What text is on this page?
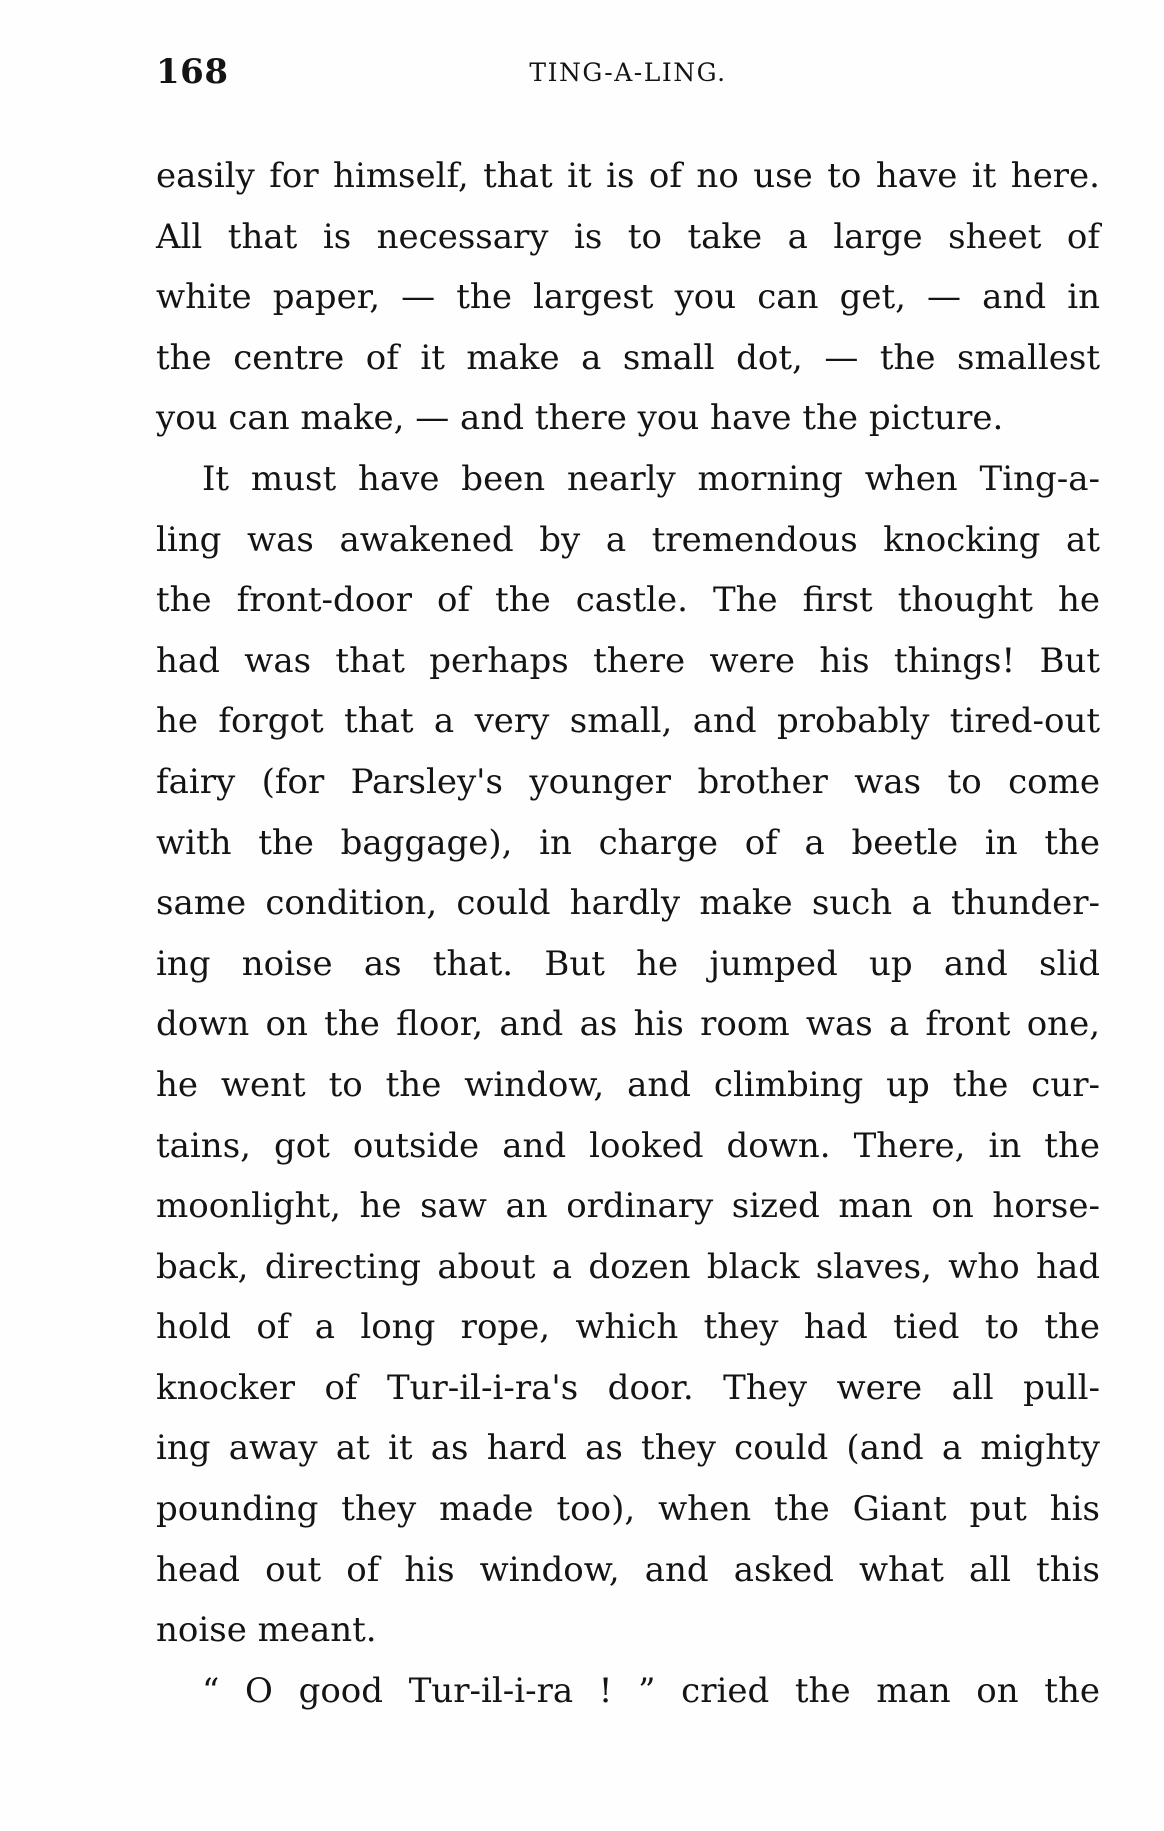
168	TING-A-LING.

easily for himself, that it is of no use to have it here.
All that is necessary is to take a large sheet of
white paper, — the largest you can get, — and in
the centre of it make a small dot, — the smallest
you can make, — and there you have the picture.

It must have been nearly morning when Ting-a-
ling was awakened by a tremendous knocking at
the front-door of the castle. The first thought he
had was that perhaps there were his things! But
he forgot that a very small, and probably tired-out
fairy (for Parsley's younger brother was to come
with the baggage), in charge of a beetle in the
same condition, could hardly make such a thunder-
ing noise as that. But he jumped up and slid
down on the floor, and as his room was a front one,
he went to the window, and climbing up the cur-
tains, got outside and looked down. There, in the
moonlight, he saw an ordinary sized man on horse-
back, directing about a dozen black slaves, who had
hold of a long rope, which they had tied to the
knocker of Tur-il-i-ra's door. They were all pull-
ing away at it as hard as they could (and a mighty
pounding they made too), when the Giant put his
head out of his window, and asked what all this
noise meant.

“ O good Tur-il-i-ra ! ” cried the man on the
